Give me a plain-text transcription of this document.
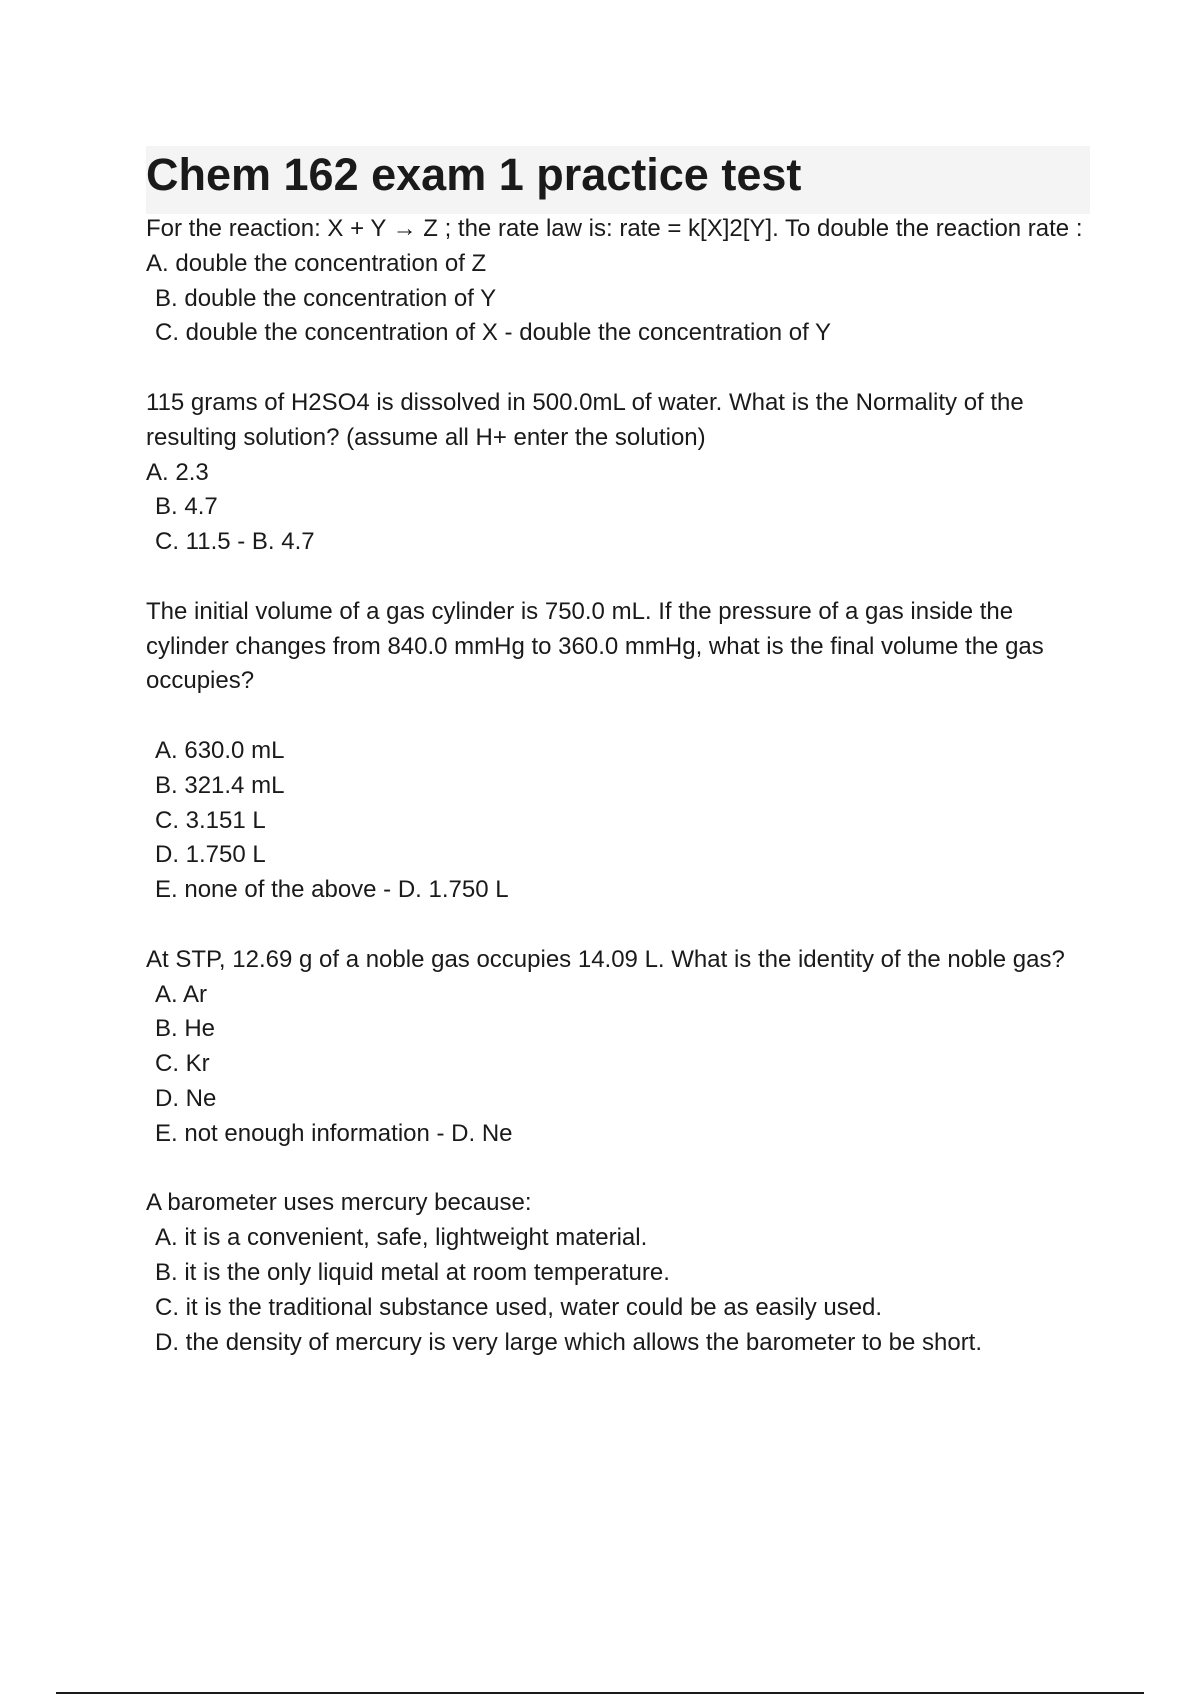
Chem 162 exam 1 practice test

For the reaction: X + Y → Z ; the rate law is: rate = k[X]2[Y]. To double the reaction rate :

A. double the concentration of Z

B. double the concentration of Y

C. double the concentration of X - double the concentration of Y

115 grams of H2SO4 is dissolved in 500.0mL of water. What is the Normality of the resulting solution? (assume all H+ enter the solution)

A. 2.3

B. 4.7

C. 11.5 - B. 4.7

The initial volume of a gas cylinder is 750.0 mL. If the pressure of a gas inside the cylinder changes from 840.0 mmHg to 360.0 mmHg, what is the final volume the gas occupies?

A. 630.0 mL

B. 321.4 mL

C. 3.151 L

D. 1.750 L

E. none of the above - D. 1.750 L

At STP, 12.69 g of a noble gas occupies 14.09 L. What is the identity of the noble gas?

A. Ar

B. He

C. Kr

D. Ne

E. not enough information - D. Ne

A barometer uses mercury because:

A. it is a convenient, safe, lightweight material.

B. it is the only liquid metal at room temperature.

C. it is the traditional substance used, water could be as easily used.

D. the density of mercury is very large which allows the barometer to be short.
